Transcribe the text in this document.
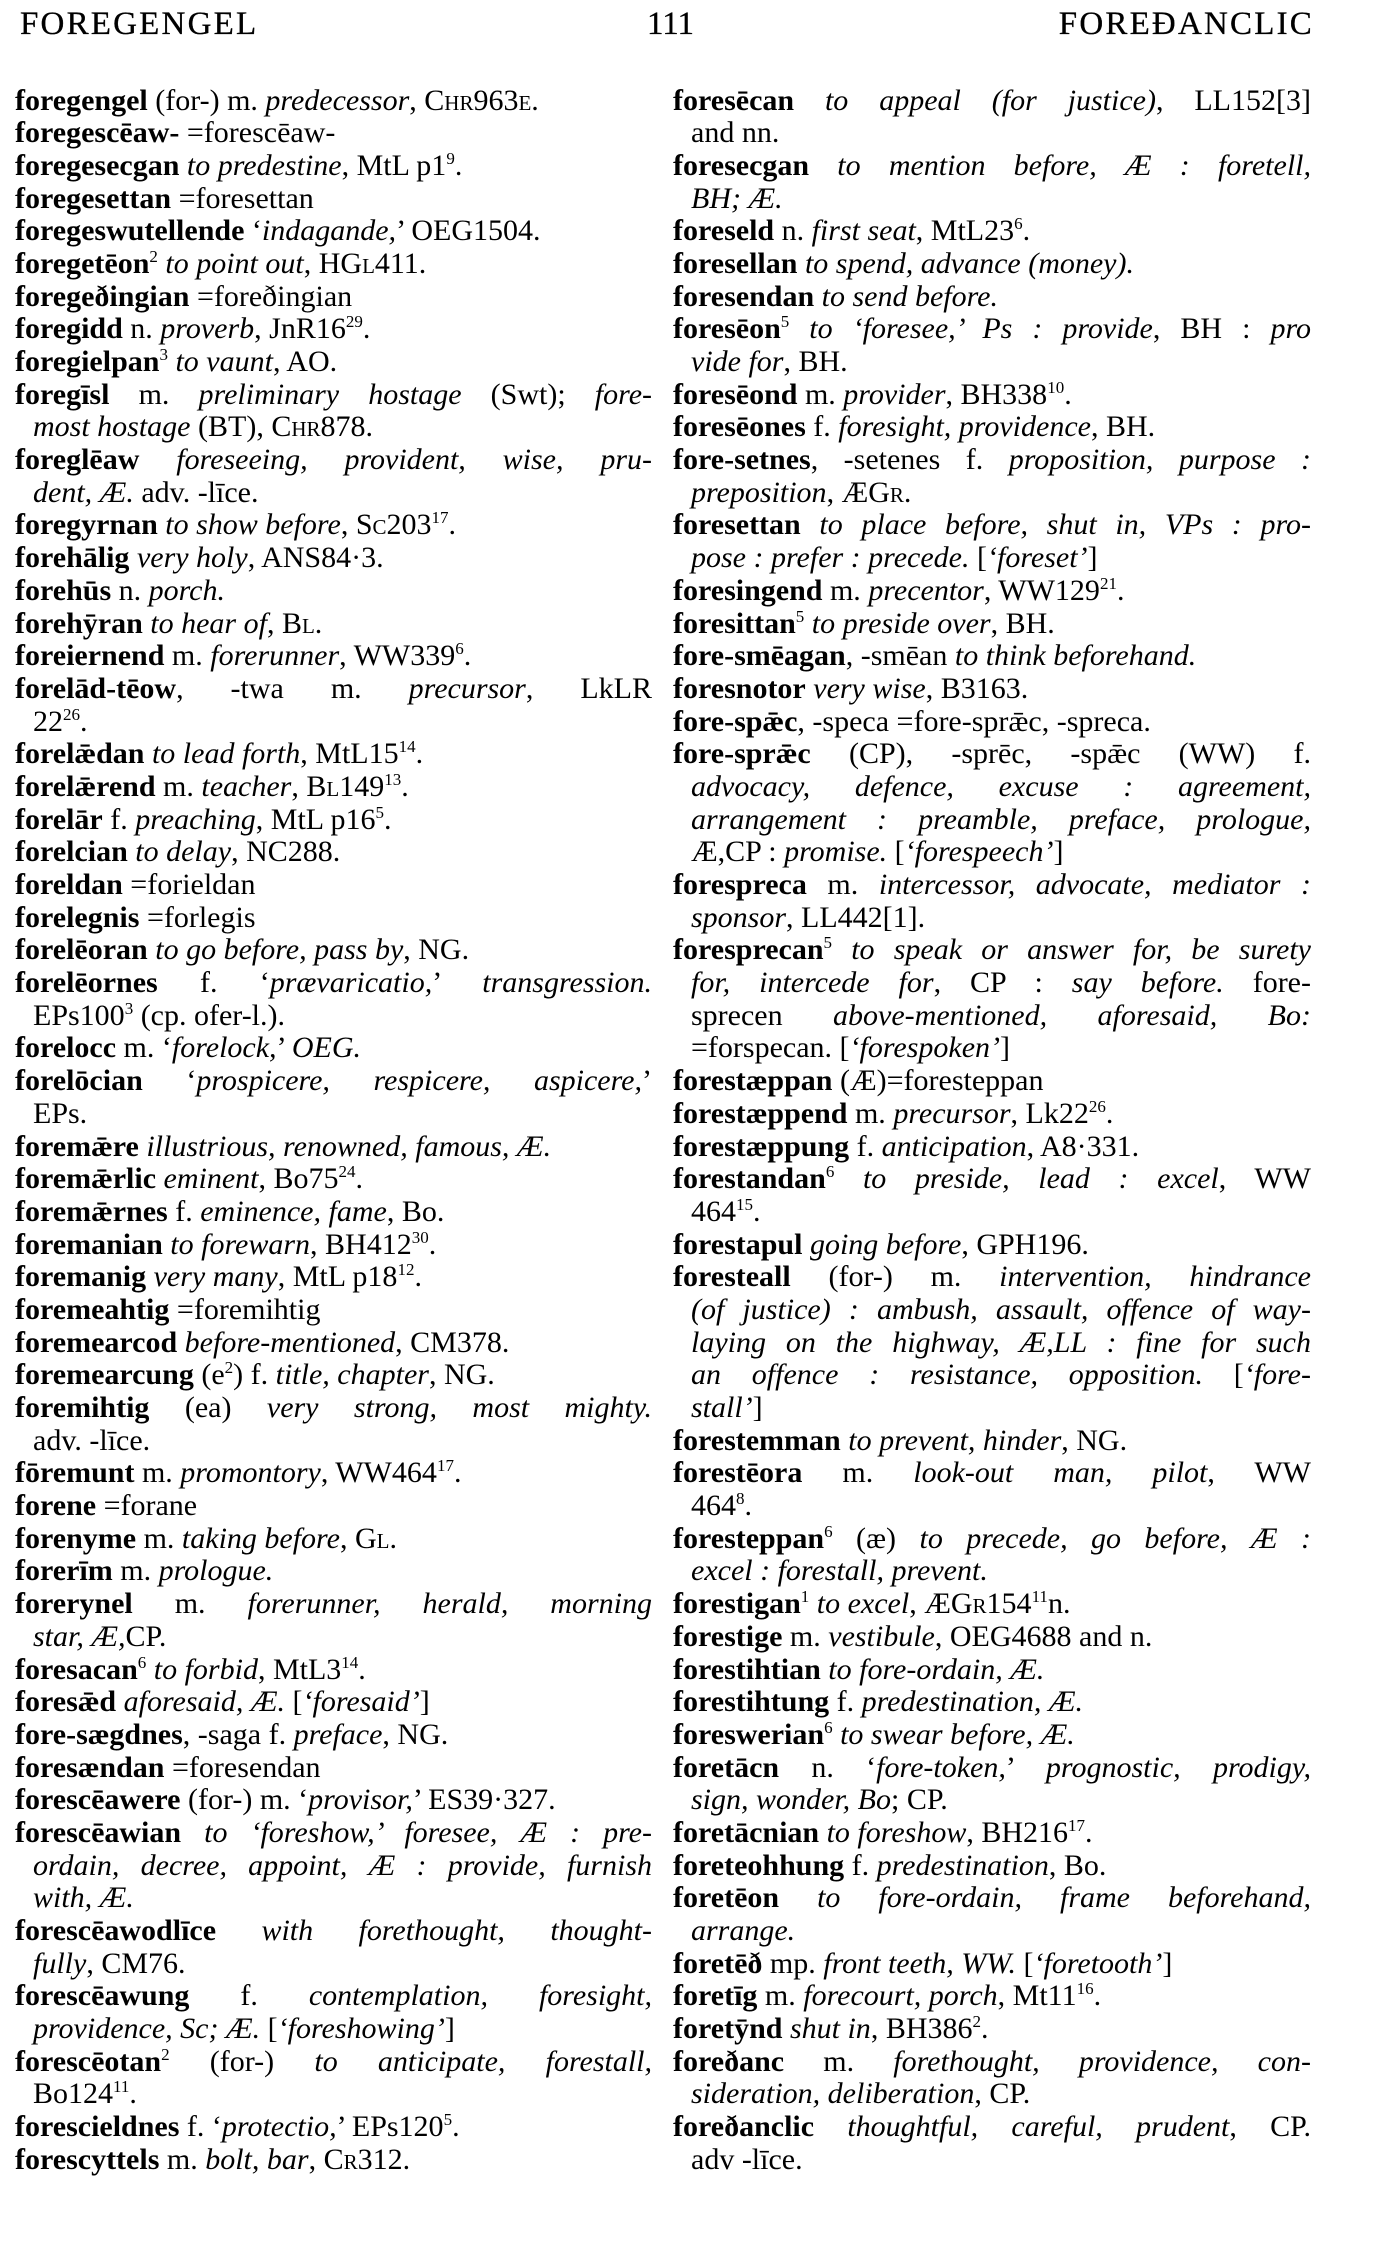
FOREGENGEL	111	FOREÐANCLIC
foregengel (for-) m. predecessor, Chr963e.
foregescēaw- =forescēaw-
foregesecgan to predestine, MtL $p1^9$.
foregesettan =foresettan
foregeswutellende ‘indagande,’ OEG1504.
foregetēon$^2$ to point out, HGl411.
foregeðingian =foreðingian
foregidd n. proverb, $JnR16^{29}$.
foregielpan$^3$ to vaunt, AO.
foregīsl m. preliminary hostage (Swt); fore-
most hostage (BT), Chr878.
foreglēaw foreseeing, provident, wise, pru-
dent, Æ. adv. -līce.
foregyrnan to show before, $Sc203^{17}$.
forehālig very holy, ANS84·3.
forehūs n. porch.
forehȳran to hear of, Bl.
foreiernend m. forerunner, $WW339^6$.
forelād-tēow, -twa m. precursor, LkLR
$22^{26}$.
forelǣdan to lead forth, $MtL15^{14}$.
forelǣrend m. teacher, $Bl149^{13}$.
forelār f. preaching, MtL $p16^5$.
forelcian to delay, NC288.
foreldan =forieldan
forelegnis =forlegis
forelēoran to go before, pass by, NG.
forelēornes f. ‘prævaricatio,’ transgression.
$EPs100^3$ (cp. ofer-l.).
forelocc m. ‘forelock,’ OEG.
forelōcian ‘prospicere, respicere, aspicere,’
EPs.
foremǣre illustrious, renowned, famous, Æ.
foremǣrlic eminent, $Bo75^{24}$.
foremǣrnes f. eminence, fame, Bo.
foremanian to forewarn, $BH412^{30}$.
foremanig very many, MtL $p18^{12}$.
foremeahtig =foremihtig
foremearcod before-mentioned, CM378.
foremearcung $(e^2)$ f. title, chapter, NG.
foremihtig (ea) very strong, most mighty.
adv. -līce.
fōremunt m. promontory, $WW464^{17}$.
forene =forane
forenyme m. taking before, Gl.
forerīm m. prologue.
forerynel m. forerunner, herald, morning
star, Æ,CP.
foresacan$^6$ to forbid, $MtL3^{14}$.
foresǣd aforesaid, Æ. [‘foresaid’]
fore-sægdnes, -saga f. preface, NG.
foresændan =foresendan
forescēawere (for-) m. ‘provisor,’ ES39·327.
forescēawian to ‘foreshow,’ foresee, Æ : pre-
ordain, decree, appoint, Æ : provide, furnish
with, Æ.
forescēawodlīce with forethought, thought-
fully, CM76.
forescēawung f. contemplation, foresight,
providence, Sc; Æ. [‘foreshowing’]
forescēotan$^2$ (for-) to anticipate, forestall,
$Bo124^{11}$.
forescieldnes f. ‘protectio,’ $EPs120^5$.
forescyttels m. bolt, bar, Cr312.
foresēcan to appeal (for justice), LL152[3]
and nn.
foresecgan to mention before, Æ : foretell,
BH; Æ.
foreseld n. first seat, $MtL23^6$.
foresellan to spend, advance (money).
foresendan to send before.
foresēon$^5$ to ‘foresee,’ Ps : provide, BH : pro
vide for, BH.
foresēond m. provider, $BH338^{10}$.
foresēones f. foresight, providence, BH.
fore-setnes, -setenes f. proposition, purpose :
preposition, ÆGr.
foresettan to place before, shut in, VPs : pro-
pose : prefer : precede. [‘foreset’]
foresingend m. precentor, $WW129^{21}$.
foresittan$^5$ to preside over, BH.
fore-smēagan, -smēan to think beforehand.
foresnotor very wise, B3163.
fore-spǣc, -speca =fore-sprǣc, -spreca.
fore-sprǣc (CP), -sprēc, -spǣc (WW) f.
advocacy, defence, excuse : agreement,
arrangement : preamble, preface, prologue,
Æ,CP : promise. [‘forespeech’]
forespreca m. intercessor, advocate, mediator :
sponsor, LL442[1].
foresprecan$^5$ to speak or answer for, be surety
for, intercede for, CP : say before. fore-
sprecen above-mentioned, aforesaid, Bo:
=forspecan. [‘forespoken’]
forestæppan (Æ)=foresteppan
forestæppend m. precursor, $Lk22^{26}$.
forestæppung f. anticipation, A8·331.
forestandan$^6$ to preside, lead : excel, WW
$464^{15}$.
forestapul going before, GPH196.
foresteall (for-) m. intervention, hindrance
(of justice) : ambush, assault, offence of way-
laying on the highway, Æ,LL : fine for such
an offence : resistance, opposition. [‘fore-
stall’]
forestemman to prevent, hinder, NG.
forestēora m. look-out man, pilot, WW
$464^8$.
foresteppan$^6$ (æ) to precede, go before, Æ :
excel : forestall, prevent.
forestigan$^1$ to excel, $ÆGr154^{11}n$.
forestige m. vestibule, OEG4688 and n.
forestihtian to fore-ordain, Æ.
forestihtung f. predestination, Æ.
foreswerian$^6$ to swear before, Æ.
foretācn n. ‘fore-token,’ prognostic, prodigy,
sign, wonder, Bo; CP.
foretācnian to foreshow, $BH216^{17}$.
foreteohhung f. predestination, Bo.
foretēon to fore-ordain, frame beforehand,
arrange.
foretēð mp. front teeth, WW. [‘foretooth’]
foretīg m. forecourt, porch, $Mt11^{16}$.
foretȳnd shut in, $BH386^2$.
foreðanc m. forethought, providence, con-
sideration, deliberation, CP.
foreðanclic thoughtful, careful, prudent, CP.
adv -līce.
